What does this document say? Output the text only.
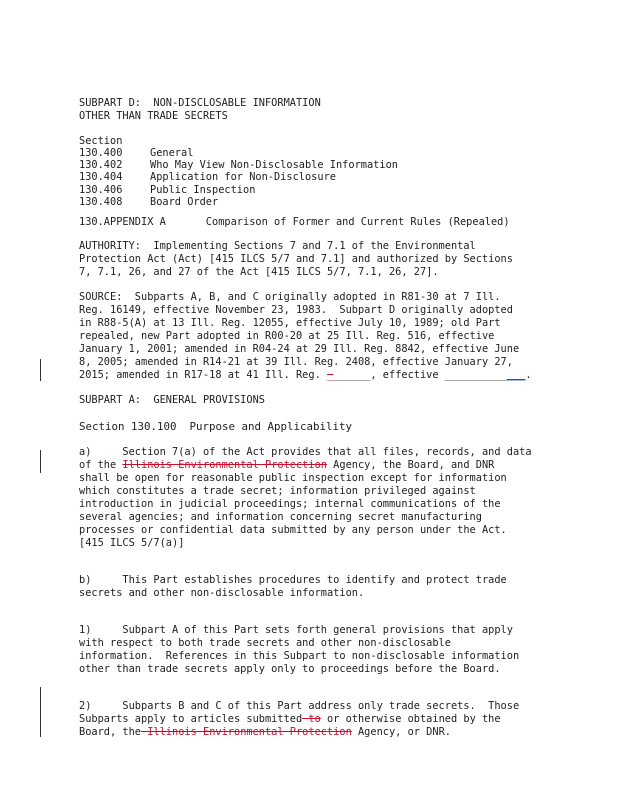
SUBPART D:  NON-DISCLOSABLE INFORMATION
OTHER THAN TRADE SECRETS
Section
130.400	General
130.402	Who May View Non-Disclosable Information
130.404	Application for Non-Disclosure
130.406	Public Inspection
130.408	Board Order
130.APPENDIX A	Comparison of Former and Current Rules (Repealed)
AUTHORITY:  Implementing Sections 7 and 7.1 of the Environmental
Protection Act (Act) [415 ILCS 5/7 and 7.1] and authorized by Sections
7, 7.1, 26, and 27 of the Act [415 ILCS 5/7, 7.1, 26, 27].
SOURCE:  Subparts A, B, and C originally adopted in R81-30 at 7 Ill.
Reg. 16149, effective November 23, 1983.  Subpart D originally adopted
in R88-5(A) at 13 Ill. Reg. 12055, effective July 10, 1989; old Part
repealed, new Part adopted in R00-20 at 25 Ill. Reg. 516, effective
January 1, 2001; amended in R04-24 at 29 Ill. Reg. 8842, effective June
8, 2005; amended in R14-21 at 39 Ill. Reg. 2408, effective January 27,
2015; amended in R17-18 at 41 Ill. Reg. _______, effective _____________.
SUBPART A:  GENERAL PROVISIONS
Section 130.100  Purpose and Applicability
a)     Section 7(a) of the Act provides that all files, records, and data
of the Illinois Environmental Protection Agency, the Board, and DNR
shall be open for reasonable public inspection except for information
which constitutes a trade secret; information privileged against
introduction in judicial proceedings; internal communications of the
several agencies; and information concerning secret manufacturing
processes or confidential data submitted by any person under the Act.
[415 ILCS 5/7(a)]
b)     This Part establishes procedures to identify and protect trade
secrets and other non-disclosable information.
1)     Subpart A of this Part sets forth general provisions that apply
with respect to both trade secrets and other non-disclosable
information.  References in this Subpart to non-disclosable information
other than trade secrets apply only to proceedings before the Board.
2)     Subparts B and C of this Part address only trade secrets.  Those
Subparts apply to articles submitted to or otherwise obtained by the
Board, the Illinois Environmental Protection Agency, or DNR.
